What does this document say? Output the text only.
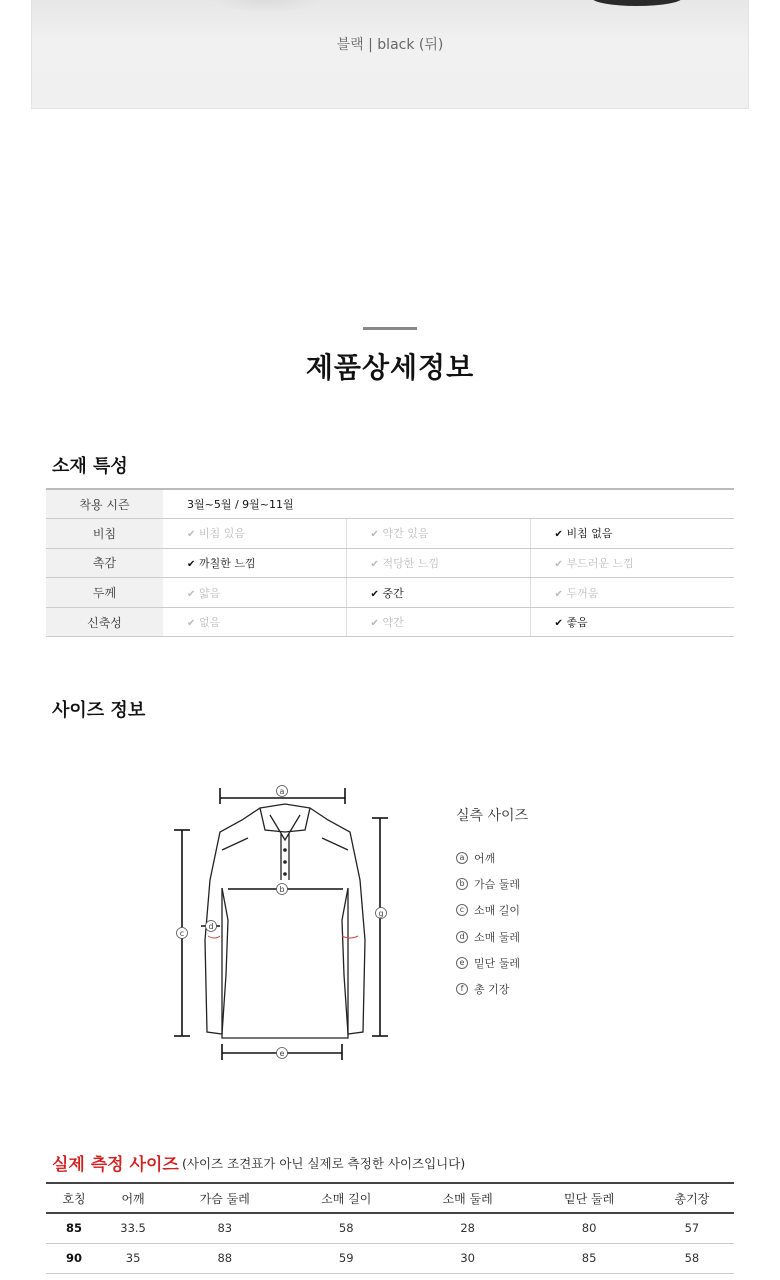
블랙 | black (뒤)
제품상세정보
소재 특성
착용 시즌	3월~5월 / 9월~11월		
비침	✔ 비침 있음	✔ 약간 있음	✔ 비침 없음
촉감	✔ 까칠한 느낌	✔ 적당한 느낌	✔ 부드러운 느낌
두께	✔ 얇음	✔ 중간	✔ 두꺼움
신축성	✔ 없음	✔ 약간	✔ 좋음
사이즈 정보
a
b
c
d
e
g
실측 사이즈
a 어깨
b 가슴 둘레
c 소매 길이
d 소매 둘레
e 밑단 둘레
f 총 기장
실제 측정 사이즈 (사이즈 조견표가 아닌 실제로 측정한 사이즈입니다)
호칭	어깨	가슴 둘레	소매 길이	소매 둘레	밑단 둘레	총기장
85	33.5	83	58	28	80	57
90	35	88	59	30	85	58
